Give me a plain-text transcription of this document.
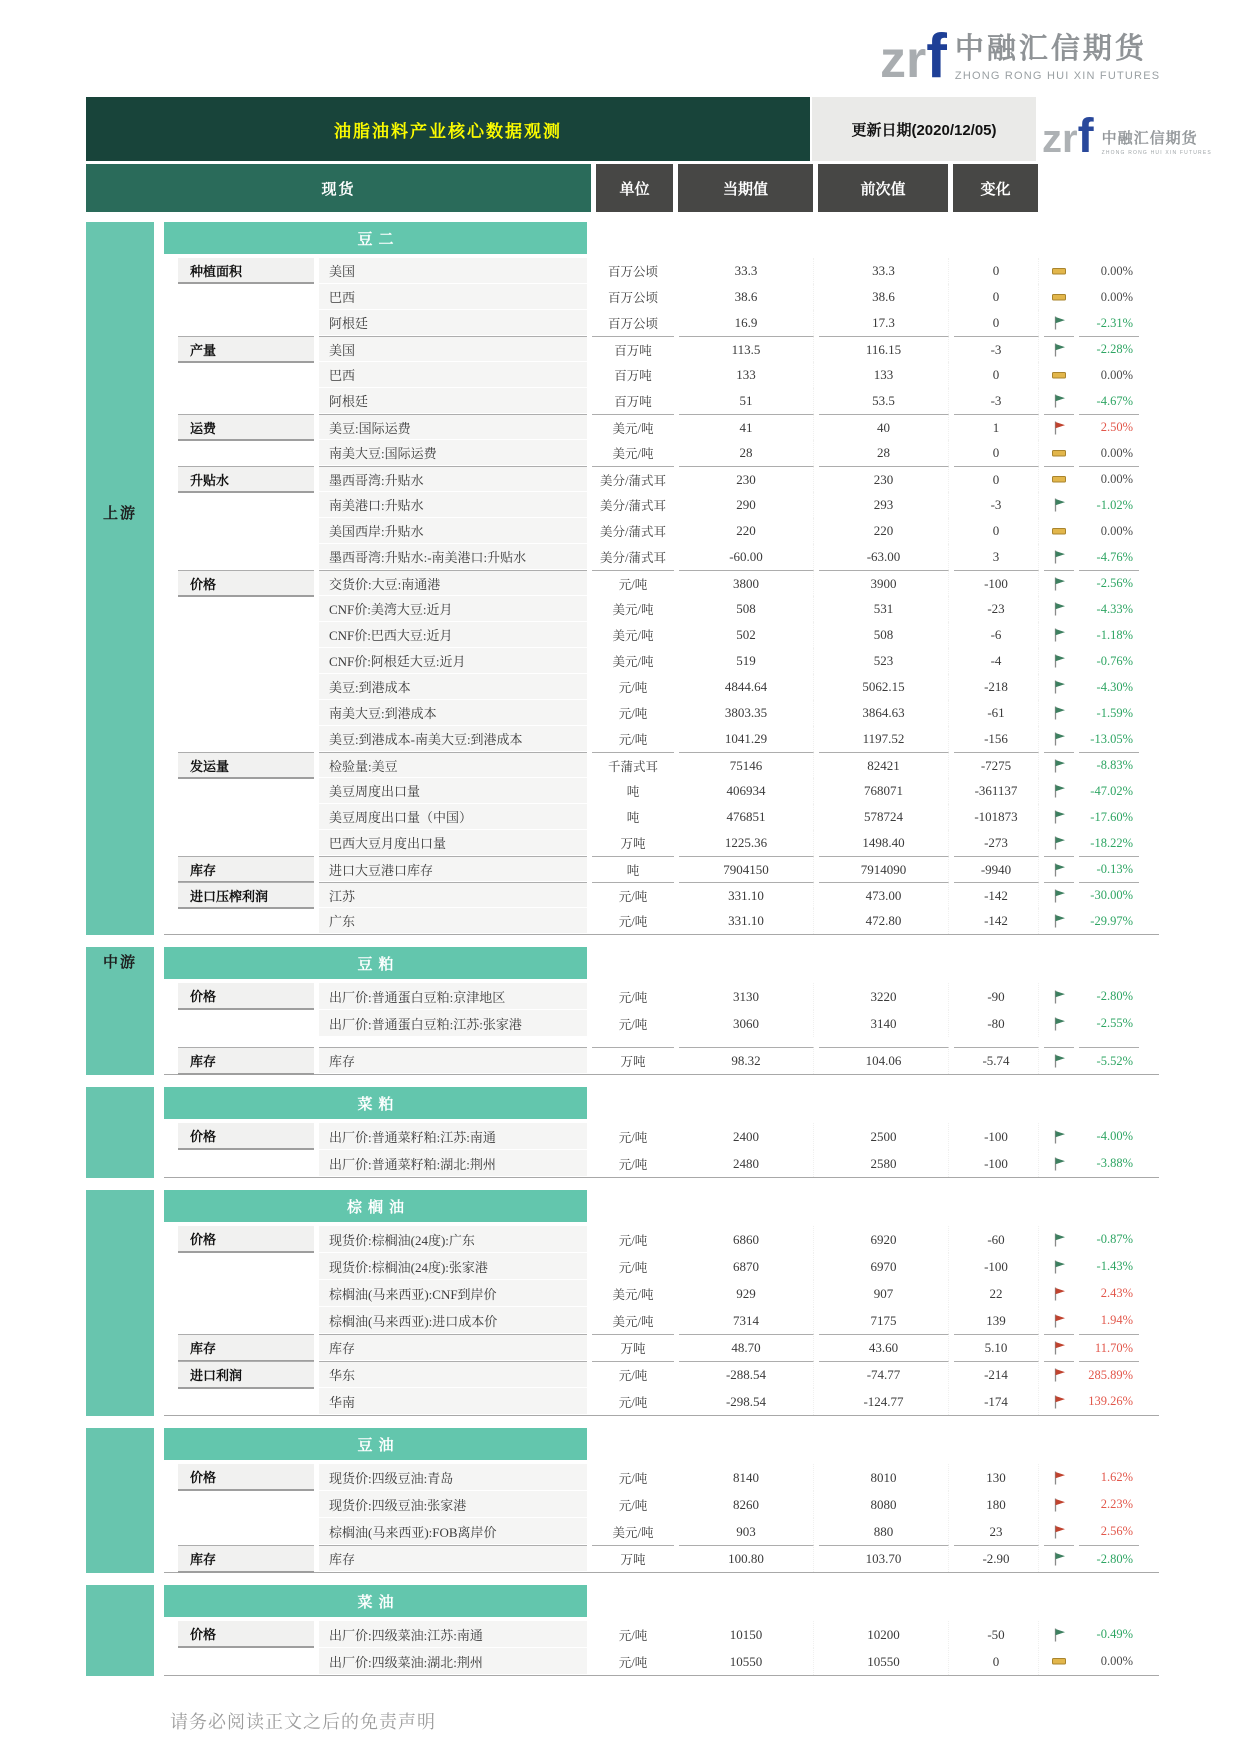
zrf 中融汇信期货
ZHONG RONG HUI XIN FUTURES
zrf 中融汇信期货
ZHONG RONG HUI XIN FUTURES
油脂油料产业核心数据观测	更新日期(2020/12/05)
现货	单位	当期值	前次值	变化
豆二
种植面积	美国	百万公顷	33.3	33.3	0	0.00%
巴西	百万公顷	38.6	38.6	0	0.00%
阿根廷	百万公顷	16.9	17.3	0	-2.31%
产量	美国	百万吨	113.5	116.15	-3	-2.28%
巴西	百万吨	133	133	0	0.00%
阿根廷	百万吨	51	53.5	-3	-4.67%
运费	美豆:国际运费	美元/吨	41	40	1	2.50%
南美大豆:国际运费	美元/吨	28	28	0	0.00%
升贴水	墨西哥湾:升贴水	美分/蒲式耳	230	230	0	0.00%
南美港口:升贴水	美分/蒲式耳	290	293	-3	-1.02%
美国西岸:升贴水	美分/蒲式耳	220	220	0	0.00%
墨西哥湾:升贴水:-南美港口:升贴水	美分/蒲式耳	-60.00	-63.00	3	-4.76%
价格	交货价:大豆:南通港	元/吨	3800	3900	-100	-2.56%
CNF价:美湾大豆:近月	美元/吨	508	531	-23	-4.33%
CNF价:巴西大豆:近月	美元/吨	502	508	-6	-1.18%
CNF价:阿根廷大豆:近月	美元/吨	519	523	-4	-0.76%
美豆:到港成本	元/吨	4844.64	5062.15	-218	-4.30%
南美大豆:到港成本	元/吨	3803.35	3864.63	-61	-1.59%
美豆:到港成本-南美大豆:到港成本	元/吨	1041.29	1197.52	-156	-13.05%
发运量	检验量:美豆	千蒲式耳	75146	82421	-7275	-8.83%
美豆周度出口量	吨	406934	768071	-361137	-47.02%
美豆周度出口量（中国）	吨	476851	578724	-101873	-17.60%
巴西大豆月度出口量	万吨	1225.36	1498.40	-273	-18.22%
库存	进口大豆港口库存	吨	7904150	7914090	-9940	-0.13%
进口压榨利润	江苏	元/吨	331.10	473.00	-142	-30.00%
广东	元/吨	331.10	472.80	-142	-29.97%
豆粕
价格	出厂价:普通蛋白豆粕:京津地区	元/吨	3130	3220	-90	-2.80%
出厂价:普通蛋白豆粕:江苏:张家港	元/吨	3060	3140	-80	-2.55%
库存	库存	万吨	98.32	104.06	-5.74	-5.52%
菜粕
价格	出厂价:普通菜籽粕:江苏:南通	元/吨	2400	2500	-100	-4.00%
出厂价:普通菜籽粕:湖北:荆州	元/吨	2480	2580	-100	-3.88%
棕榈油
价格	现货价:棕榈油(24度):广东	元/吨	6860	6920	-60	-0.87%
现货价:棕榈油(24度):张家港	元/吨	6870	6970	-100	-1.43%
棕榈油(马来西亚):CNF到岸价	美元/吨	929	907	22	2.43%
棕榈油(马来西亚):进口成本价	美元/吨	7314	7175	139	1.94%
库存	库存	万吨	48.70	43.60	5.10	11.70%
进口利润	华东	元/吨	-288.54	-74.77	-214	285.89%
华南	元/吨	-298.54	-124.77	-174	139.26%
豆油
价格	现货价:四级豆油:青岛	元/吨	8140	8010	130	1.62%
现货价:四级豆油:张家港	元/吨	8260	8080	180	2.23%
棕榈油(马来西亚):FOB离岸价	美元/吨	903	880	23	2.56%
库存	库存	万吨	100.80	103.70	-2.90	-2.80%
菜油
价格	出厂价:四级菜油:江苏:南通	元/吨	10150	10200	-50	-0.49%
出厂价:四级菜油:湖北:荆州	元/吨	10550	10550	0	0.00%
上游
中游
请务必阅读正文之后的免责声明
